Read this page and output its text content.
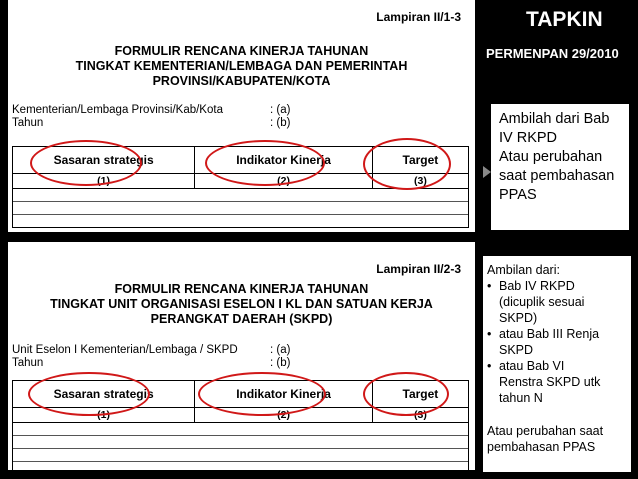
Lampiran II/1-3
FORMULIR RENCANA KINERJA TAHUNAN
TINGKAT KEMENTERIAN/LEMBAGA DAN PEMERINTAH
PROVINSI/KABUPATEN/KOTA
Kementerian/Lembaga Provinsi/Kab/Kota	: (a)
Tahun	: (b)
Sasaran strategis	Indikator Kinerja	Target
(1)	(2)	(3)
Lampiran II/2-3
FORMULIR RENCANA KINERJA TAHUNAN
TINGKAT UNIT ORGANISASI ESELON I KL DAN SATUAN KERJA
PERANGKAT DAERAH (SKPD)
Unit Eselon I Kementerian/Lembaga / SKPD	: (a)
Tahun	: (b)
Sasaran strategis	Indikator Kinerja	Target
(1)	(2)	(3)
TAPKIN
PERMENPAN 29/2010
Ambilah dari Bab
IV RKPD
Atau perubahan
saat pembahasan
PPAS
Ambilan dari:
• Bab IV RKPD
(dicuplik sesuai
SKPD)
• atau Bab III Renja
SKPD
• atau Bab VI
Renstra SKPD utk
tahun N
Atau perubahan saat
pembahasan PPAS
